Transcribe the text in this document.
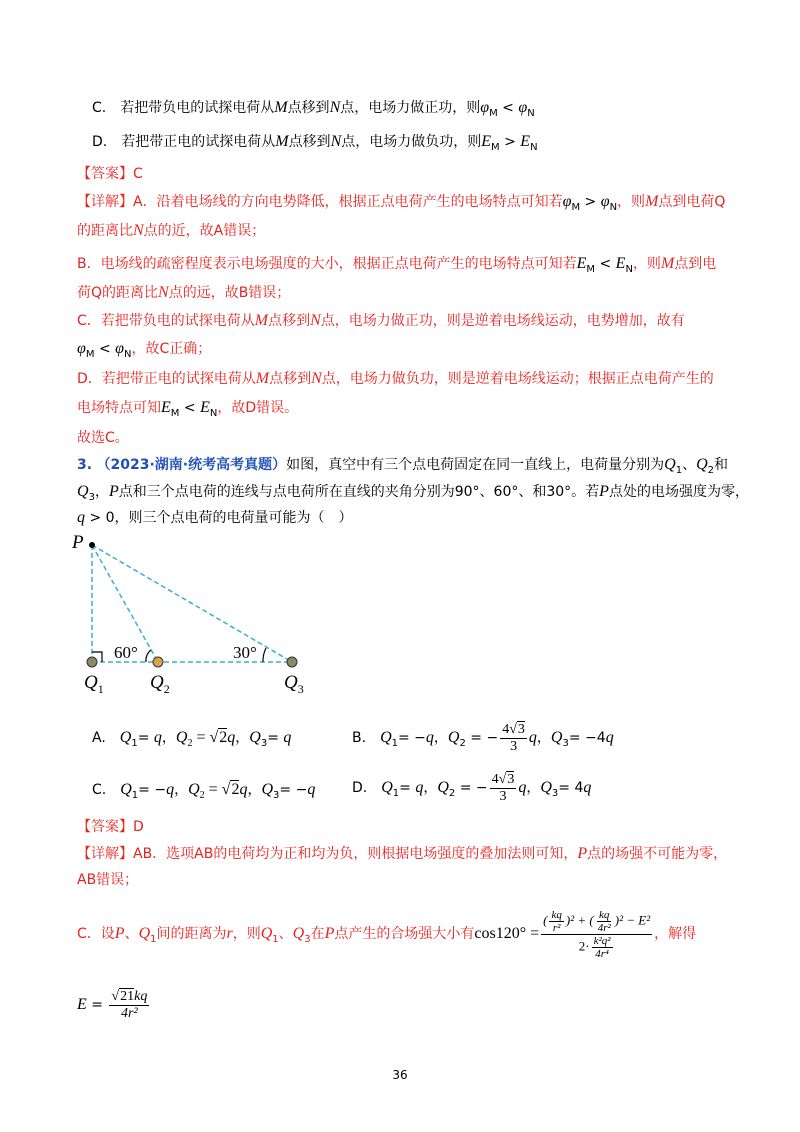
C.　若把带负电的试探电荷从M点移到N点，电场力做正功，则$\varphi_M < \varphi_N$
D.　若把带正电的试探电荷从M点移到N点，电场力做负功，则$E_M > E_N$
【答案】C
【详解】A．沿着电场线的方向电势降低，根据正点电荷产生的电场特点可知若$\varphi_M > \varphi_N$，则M点到电荷Q
的距离比N点的近，故A错误；
B．电场线的疏密程度表示电场强度的大小，根据正点电荷产生的电场特点可知若$E_M < E_N$，则M点到电
荷Q的距离比N点的远，故B错误；
C．若把带负电的试探电荷从M点移到N点，电场力做正功，则是逆着电场线运动，电势增加，故有
$\varphi_M < \varphi_N$，故C正确；
D．若把带正电的试探电荷从M点移到N点，电场力做负功，则是逆着电场线运动；根据正点电荷产生的
电场特点可知$E_M < E_N$，故D错误。
故选C。
3. （2023·湖南·统考高考真题）如图，真空中有三个点电荷固定在同一直线上，电荷量分别为$Q_1$、$Q_2$和
$Q_3$，P点和三个点电荷的连线与点电荷所在直线的夹角分别为90°、60°、和30°。若P点处的电场强度为零，
q > 0，则三个点电荷的电荷量可能为（　）
P
60°	30°
$Q_1$ $Q_2$	$Q_3$
A.　$Q_1= q$，$Q_2 = √2q$，$Q_3= q$	B.　$Q_1= -q$，$Q_2$ = − $\frac{4√3}{3}$ q，$Q_3= -4q$
C.　$Q_1= -q$，$Q_2 = √2q$，$Q_3= -q$	D.　$Q_1= q$，$Q_2$ = − $\frac{4√3}{3}$ q，$Q_3= 4q$
【答案】D
【详解】AB．选项AB的电荷均为正和均为负，则根据电场强度的叠加法则可知，P点的场强不可能为零，
AB错误；
C．设P、$Q_1$间的距离为r，则$Q_1$、$Q_3$在P点产生的合场强大小有$\cos 120^\circ = \frac{( \frac{kq}{\text{r²}} )^2 + ( \frac{kq}{\text{4r²}} )^2 - E^2}{2\cdot \frac{\text{k²q²}}{\text{4r⁴}}}$ ，解得
$E = \frac{√21kq}{\text{4r²}}$
36
